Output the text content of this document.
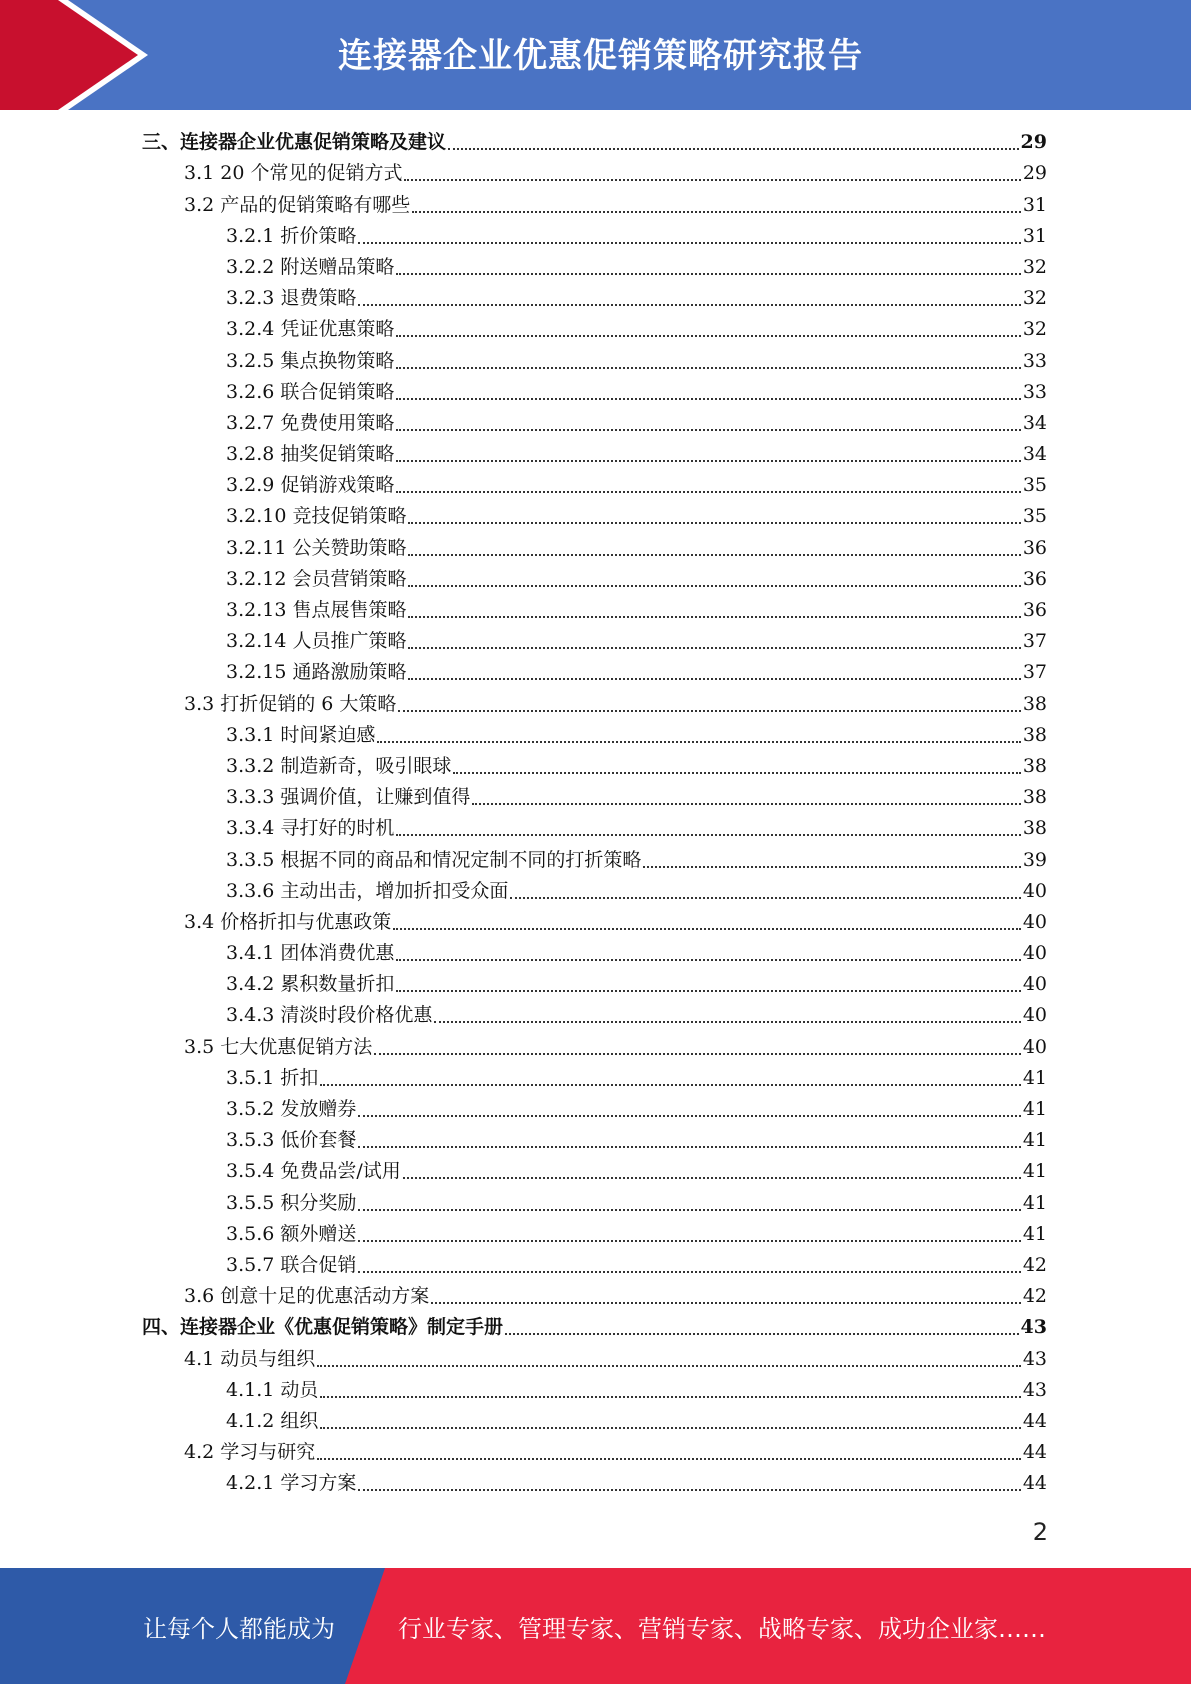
连接器企业优惠促销策略研究报告
三、连接器企业优惠促销策略及建议	29
3.1 20 个常见的促销方式	29
3.2 产品的促销策略有哪些	31
3.2.1 折价策略	31
3.2.2 附送赠品策略	32
3.2.3 退费策略	32
3.2.4 凭证优惠策略	32
3.2.5 集点换物策略	33
3.2.6 联合促销策略	33
3.2.7 免费使用策略	34
3.2.8 抽奖促销策略	34
3.2.9 促销游戏策略	35
3.2.10 竞技促销策略	35
3.2.11 公关赞助策略	36
3.2.12 会员营销策略	36
3.2.13 售点展售策略	36
3.2.14 人员推广策略	37
3.2.15 通路激励策略	37
3.3 打折促销的 6 大策略	38
3.3.1 时间紧迫感	38
3.3.2 制造新奇，吸引眼球	38
3.3.3 强调价值，让赚到值得	38
3.3.4 寻打好的时机	38
3.3.5 根据不同的商品和情况定制不同的打折策略	39
3.3.6 主动出击，增加折扣受众面	40
3.4 价格折扣与优惠政策	40
3.4.1 团体消费优惠	40
3.4.2 累积数量折扣	40
3.4.3 清淡时段价格优惠	40
3.5 七大优惠促销方法	40
3.5.1 折扣	41
3.5.2 发放赠券	41
3.5.3 低价套餐	41
3.5.4 免费品尝/试用	41
3.5.5 积分奖励	41
3.5.6 额外赠送	41
3.5.7 联合促销	42
3.6 创意十足的优惠活动方案	42
四、连接器企业《优惠促销策略》制定手册	43
4.1 动员与组织	43
4.1.1 动员	43
4.1.2 组织	44
4.2 学习与研究	44
4.2.1 学习方案	44
2
让每个人都能成为	行业专家、管理专家、营销专家、战略专家、成功企业家……
